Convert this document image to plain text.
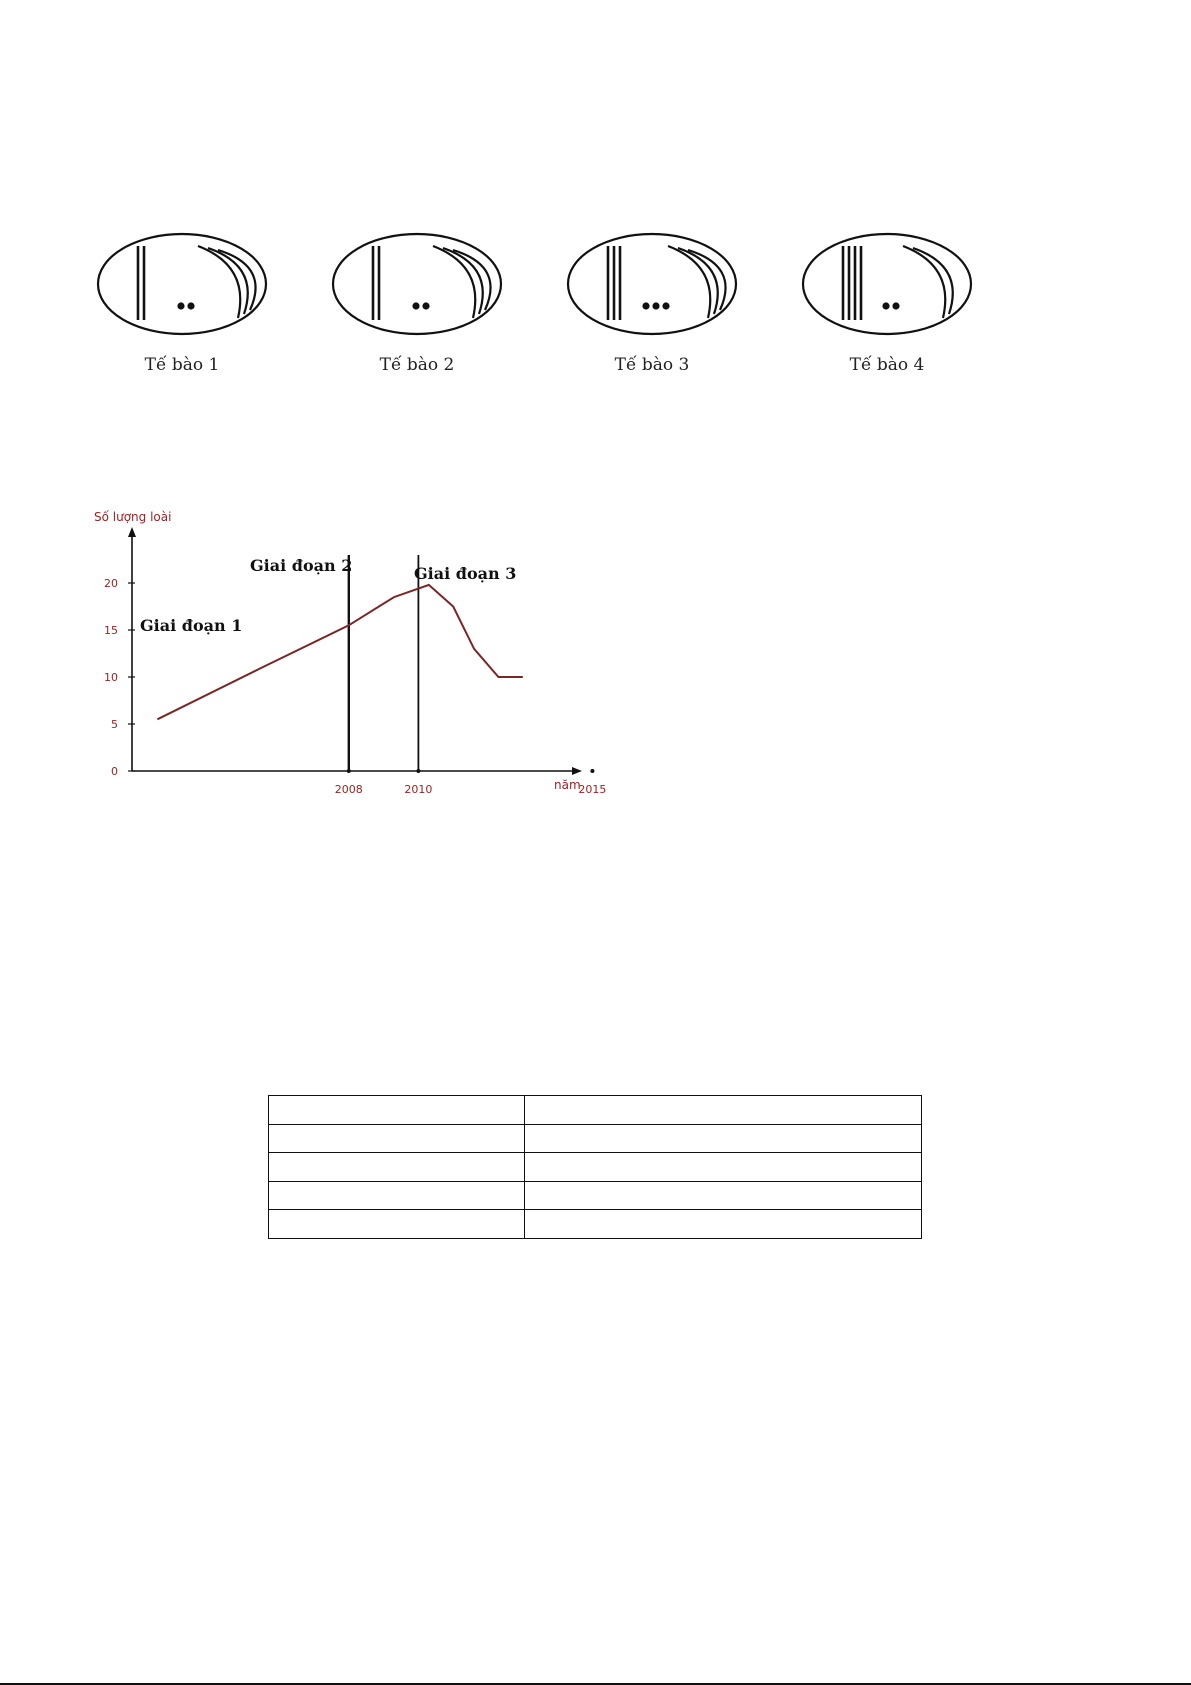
Tế bào 1	Tế bào 2	Tế bào 3	Tế bào 4
0
5
10
15
20
2008	2010	2015
Số lượng loài
năm
Giai đoạn 1
Giai đoạn 2	Giai đoạn 3
